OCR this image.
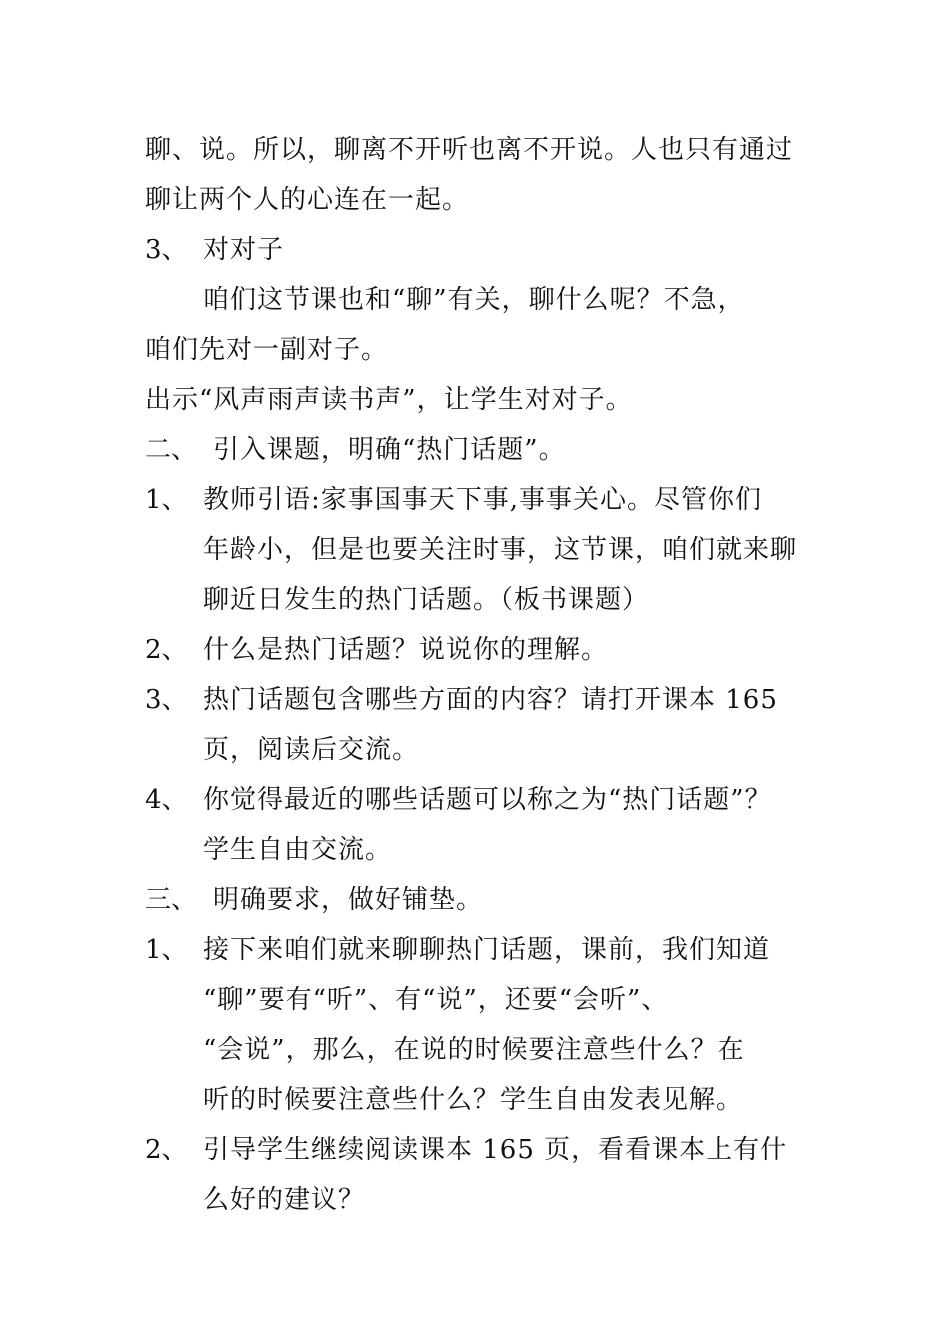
聊、说。所以，聊离不开听也离不开说。人也只有通过
聊让两个人的心连在一起。
3、 对对子
咱们这节课也和“聊”有关，聊什么呢？不急，
咱们先对一副对子。
出示“风声雨声读书声”，让学生对对子。
二、 引入课题，明确“热门话题”。
1、 教师引语:家事国事天下事,事事关心。尽管你们
年龄小，但是也要关注时事，这节课，咱们就来聊
聊近日发生的热门话题。（板书课题）
2、 什么是热门话题？说说你的理解。
3、 热门话题包含哪些方面的内容？请打开课本 165
页，阅读后交流。
4、 你觉得最近的哪些话题可以称之为“热门话题”？
学生自由交流。
三、 明确要求，做好铺垫。
1、 接下来咱们就来聊聊热门话题，课前，我们知道
“聊”要有“听”、有“说”，还要“会听”、
“会说”，那么，在说的时候要注意些什么？在
听的时候要注意些什么？学生自由发表见解。
2、 引导学生继续阅读课本 165 页，看看课本上有什
么好的建议？
